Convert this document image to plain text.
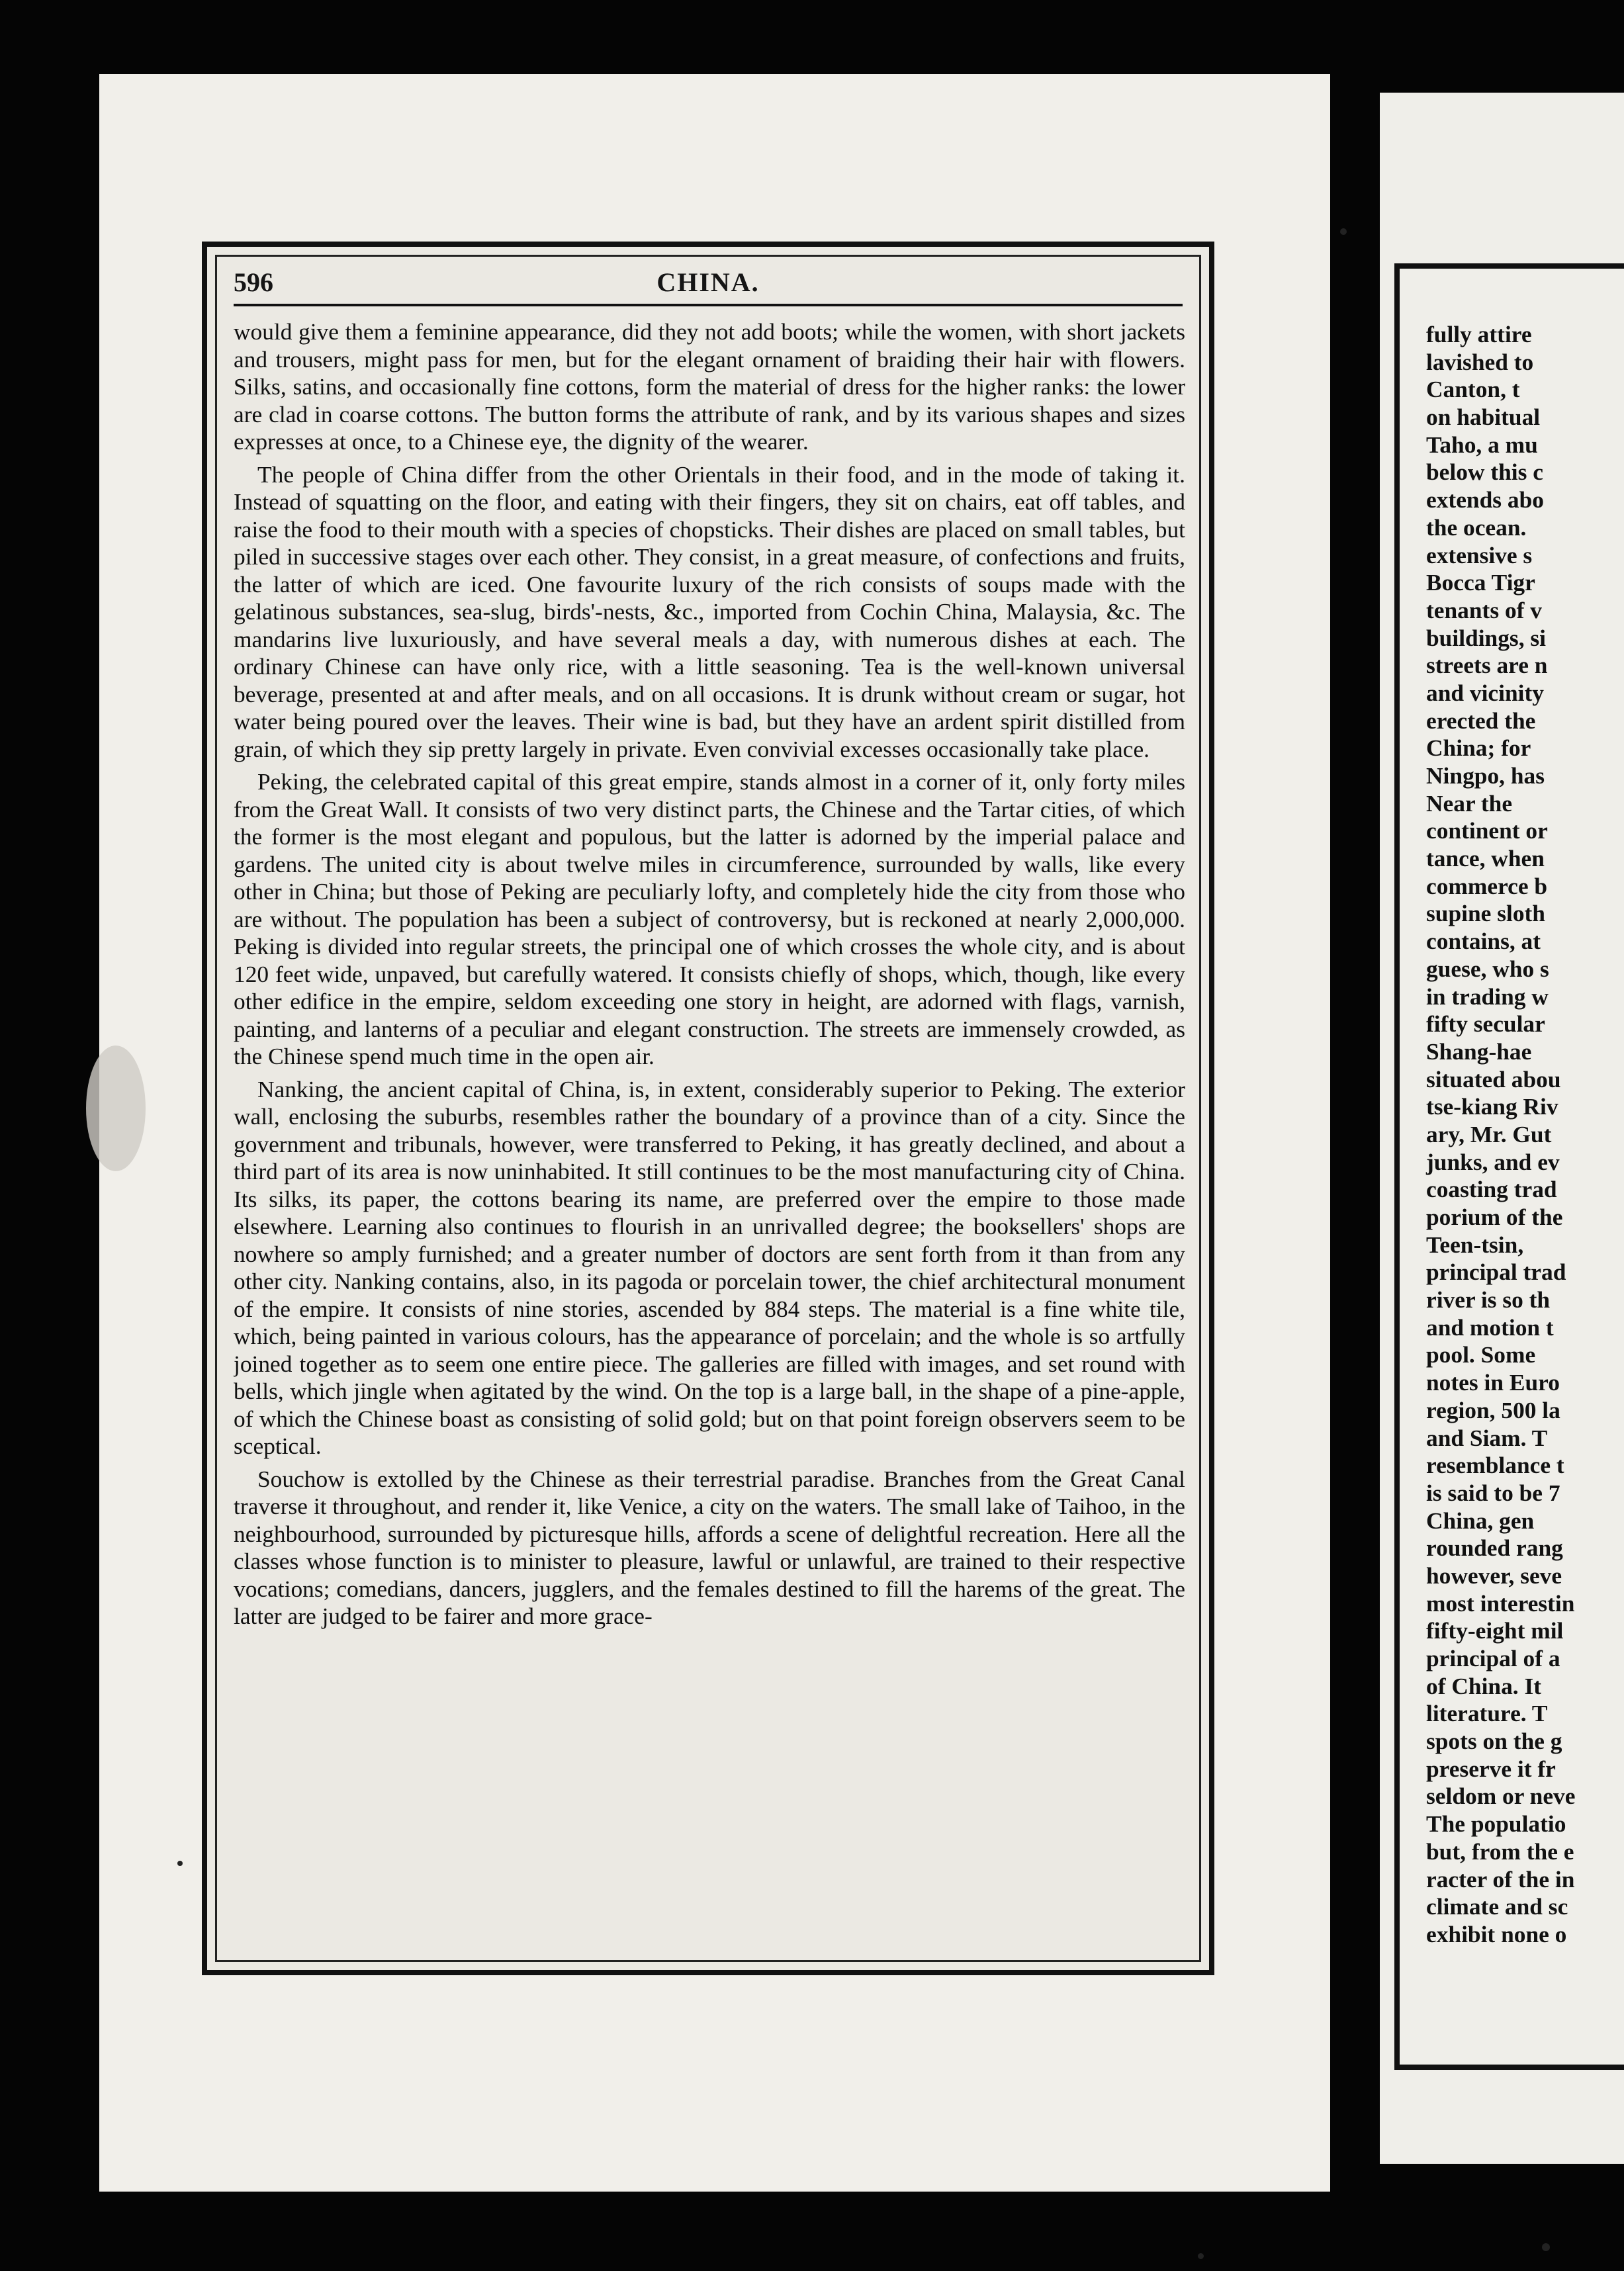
fully attire
lavished to
Canton, t
on habitual
Taho, a mu
below this c
extends abo
the ocean.
extensive s
Bocca Tigr
tenants of v
buildings, si
streets are n
and vicinity
erected the
China; for
Ningpo, has
Near the
continent or
tance, when
commerce b
supine sloth
contains, at
guese, who s
in trading w
fifty secular
Shang-hae
situated abou
tse-kiang Riv
ary, Mr. Gut
junks, and ev
coasting trad
porium of the
Teen-tsin,
principal trad
river is so th
and motion t
pool. Some
notes in Euro
region, 500 la
and Siam. T
resemblance t
is said to be 7
China, gen
rounded rang
however, seve
most interestin
fifty-eight mil
principal of a
of China. It
literature. T
spots on the g
preserve it fr
seldom or neve
The populatio
but, from the e
racter of the in
climate and sc
exhibit none o
596	CHINA.

would give them a feminine appearance, did they not add boots; while the women, with short jackets and trousers, might pass for men, but for the elegant ornament of braiding their hair with flowers. Silks, satins, and occasionally fine cottons, form the material of dress for the higher ranks: the lower are clad in coarse cottons. The button forms the attribute of rank, and by its various shapes and sizes expresses at once, to a Chinese eye, the dignity of the wearer.

The people of China differ from the other Orientals in their food, and in the mode of taking it. Instead of squatting on the floor, and eating with their fingers, they sit on chairs, eat off tables, and raise the food to their mouth with a species of chopsticks. Their dishes are placed on small tables, but piled in successive stages over each other. They consist, in a great measure, of confections and fruits, the latter of which are iced. One favourite luxury of the rich consists of soups made with the gelatinous substances, sea-slug, birds'-nests, &c., imported from Cochin China, Malaysia, &c. The mandarins live luxuriously, and have several meals a day, with numerous dishes at each. The ordinary Chinese can have only rice, with a little seasoning. Tea is the well-known universal beverage, presented at and after meals, and on all occasions. It is drunk without cream or sugar, hot water being poured over the leaves. Their wine is bad, but they have an ardent spirit distilled from grain, of which they sip pretty largely in private. Even convivial excesses occasionally take place.

Peking, the celebrated capital of this great empire, stands almost in a corner of it, only forty miles from the Great Wall. It consists of two very distinct parts, the Chinese and the Tartar cities, of which the former is the most elegant and populous, but the latter is adorned by the imperial palace and gardens. The united city is about twelve miles in circumference, surrounded by walls, like every other in China; but those of Peking are peculiarly lofty, and completely hide the city from those who are without. The population has been a subject of controversy, but is reckoned at nearly 2,000,000. Peking is divided into regular streets, the principal one of which crosses the whole city, and is about 120 feet wide, unpaved, but carefully watered. It consists chiefly of shops, which, though, like every other edifice in the empire, seldom exceeding one story in height, are adorned with flags, varnish, painting, and lanterns of a peculiar and elegant construction. The streets are immensely crowded, as the Chinese spend much time in the open air.

Nanking, the ancient capital of China, is, in extent, considerably superior to Peking. The exterior wall, enclosing the suburbs, resembles rather the boundary of a province than of a city. Since the government and tribunals, however, were transferred to Peking, it has greatly declined, and about a third part of its area is now uninhabited. It still continues to be the most manufacturing city of China. Its silks, its paper, the cottons bearing its name, are preferred over the empire to those made elsewhere. Learning also continues to flourish in an unrivalled degree; the booksellers' shops are nowhere so amply furnished; and a greater number of doctors are sent forth from it than from any other city. Nanking contains, also, in its pagoda or porcelain tower, the chief architectural monument of the empire. It consists of nine stories, ascended by 884 steps. The material is a fine white tile, which, being painted in various colours, has the appearance of porcelain; and the whole is so artfully joined together as to seem one entire piece. The galleries are filled with images, and set round with bells, which jingle when agitated by the wind. On the top is a large ball, in the shape of a pine-apple, of which the Chinese boast as consisting of solid gold; but on that point foreign observers seem to be sceptical.

Souchow is extolled by the Chinese as their terrestrial paradise. Branches from the Great Canal traverse it throughout, and render it, like Venice, a city on the waters. The small lake of Taihoo, in the neighbourhood, surrounded by picturesque hills, affords a scene of delightful recreation. Here all the classes whose function is to minister to pleasure, lawful or unlawful, are trained to their respective vocations; comedians, dancers, jugglers, and the females destined to fill the harems of the great. The latter are judged to be fairer and more grace-
